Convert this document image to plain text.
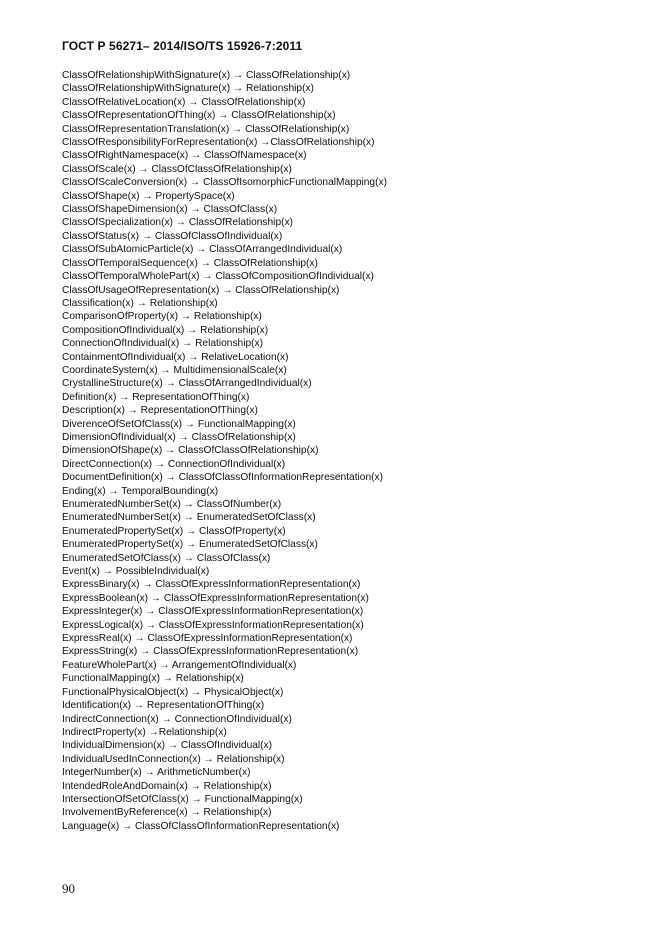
ГОСТ Р 56271– 2014/ISO/TS 15926-7:2011
ClassOfRelationshipWithSignature(x) → ClassOfRelationship(x)
ClassOfRelationshipWithSignature(x) → Relationship(x)
ClassOfRelativeLocation(x) → ClassOfRelationship(x)
ClassOfRepresentationOfThing(x) → ClassOfRelationship(x)
ClassOfRepresentationTranslation(x) → ClassOfRelationship(x)
ClassOfResponsibilityForRepresentation(x) →ClassOfRelationship(x)
ClassOfRightNamespace(x) → ClassOfNamespace(x)
ClassOfScale(x) → ClassOfClassOfRelationship(x)
ClassOfScaleConversion(x) → ClassOfIsomorphicFunctionalMapping(x)
ClassOfShape(x) → PropertySpace(x)
ClassOfShapeDimension(x) → ClassOfClass(x)
ClassOfSpecialization(x) → ClassOfRelationship(x)
ClassOfStatus(x) → ClassOfClassOfIndividual(x)
ClassOfSubAtomicParticle(x) → ClassOfArrangedIndividual(x)
ClassOfTemporalSequence(x) → ClassOfRelationship(x)
ClassOfTemporalWholePart(x) → ClassOfCompositionOfIndividual(x)
ClassOfUsageOfRepresentation(x) → ClassOfRelationship(x)
Classification(x) → Relationship(x)
ComparisonOfProperty(x) → Relationship(x)
CompositionOfIndividual(x) → Relationship(x)
ConnectionOfIndividual(x) → Relationship(x)
ContainmentOfIndividual(x) → RelativeLocation(x)
CoordinateSystem(x) → MultidimensionalScale(x)
CrystallineStructure(x) → ClassOfArrangedIndividual(x)
Definition(x) → RepresentationOfThing(x)
Description(x) → RepresentationOfThing(x)
DiverenceOfSetOfClass(x) → FunctionalMapping(x)
DimensionOfIndividual(x) → ClassOfRelationship(x)
DimensionOfShape(x) → ClassOfClassOfRelationship(x)
DirectConnection(x) → ConnectionOfIndividual(x)
DocumentDefinition(x) → ClassOfClassOfInformationRepresentation(x)
Ending(x) → TemporalBounding(x)
EnumeratedNumberSet(x) → ClassOfNumber(x)
EnumeratedNumberSet(x) → EnumeratedSetOfClass(x)
EnumeratedPropertySet(x) → ClassOfProperty(x)
EnumeratedPropertySet(x) → EnumeratedSetOfClass(x)
EnumeratedSetOfClass(x) → ClassOfClass(x)
Event(x) → PossibleIndividual(x)
ExpressBinary(x) → ClassOfExpressInformationRepresentation(x)
ExpressBoolean(x) → ClassOfExpressInformationRepresentation(x)
ExpressInteger(x) → ClassOfExpressInformationRepresentation(x)
ExpressLogical(x) → ClassOfExpressInformationRepresentation(x)
ExpressReal(x) → ClassOfExpressInformationRepresentation(x)
ExpressString(x) → ClassOfExpressInformationRepresentation(x)
FeatureWholePart(x) → ArrangementOfIndividual(x)
FunctionalMapping(x) → Relationship(x)
FunctionalPhysicalObject(x) → PhysicalObject(x)
Identification(x) → RepresentationOfThing(x)
IndirectConnection(x) → ConnectionOfIndividual(x)
IndirectProperty(x) →Relationship(x)
IndividualDimension(x) → ClassOfIndividual(x)
IndividualUsedInConnection(x) → Relationship(x)
IntegerNumber(x) → ArithmeticNumber(x)
IntendedRoleAndDomain(x) → Relationship(x)
IntersectionOfSetOfClass(x) → FunctionalMapping(x)
InvolvementByReference(x) → Relationship(x)
Language(x) → ClassOfClassOfInformationRepresentation(x)
90
